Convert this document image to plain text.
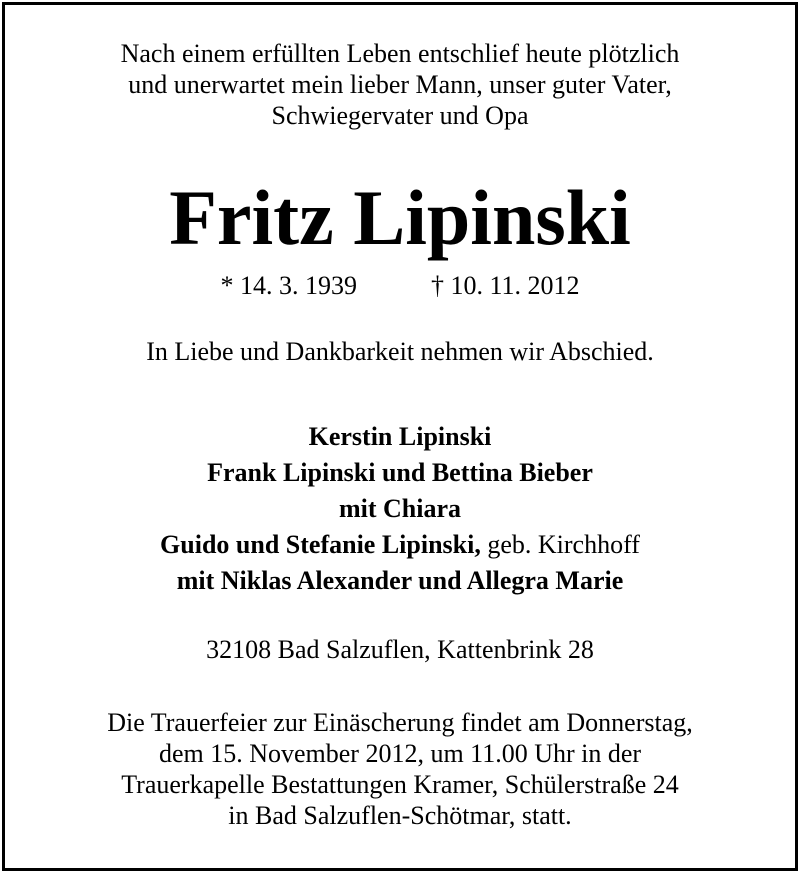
Nach einem erfüllten Leben entschlief heute plötzlich
und unerwartet mein lieber Mann, unser guter Vater,
Schwiegervater und Opa
Fritz Lipinski
* 14. 3. 1939	† 10. 11. 2012
In Liebe und Dankbarkeit nehmen wir Abschied.
Kerstin Lipinski
Frank Lipinski und Bettina Bieber
mit Chiara
Guido und Stefanie Lipinski, geb. Kirchhoff
mit Niklas Alexander und Allegra Marie
32108 Bad Salzuflen, Kattenbrink 28
Die Trauerfeier zur Einäscherung findet am Donnerstag,
dem 15. November 2012, um 11.00 Uhr in der
Trauerkapelle Bestattungen Kramer, Schülerstraße 24
in Bad Salzuflen-Schötmar, statt.
